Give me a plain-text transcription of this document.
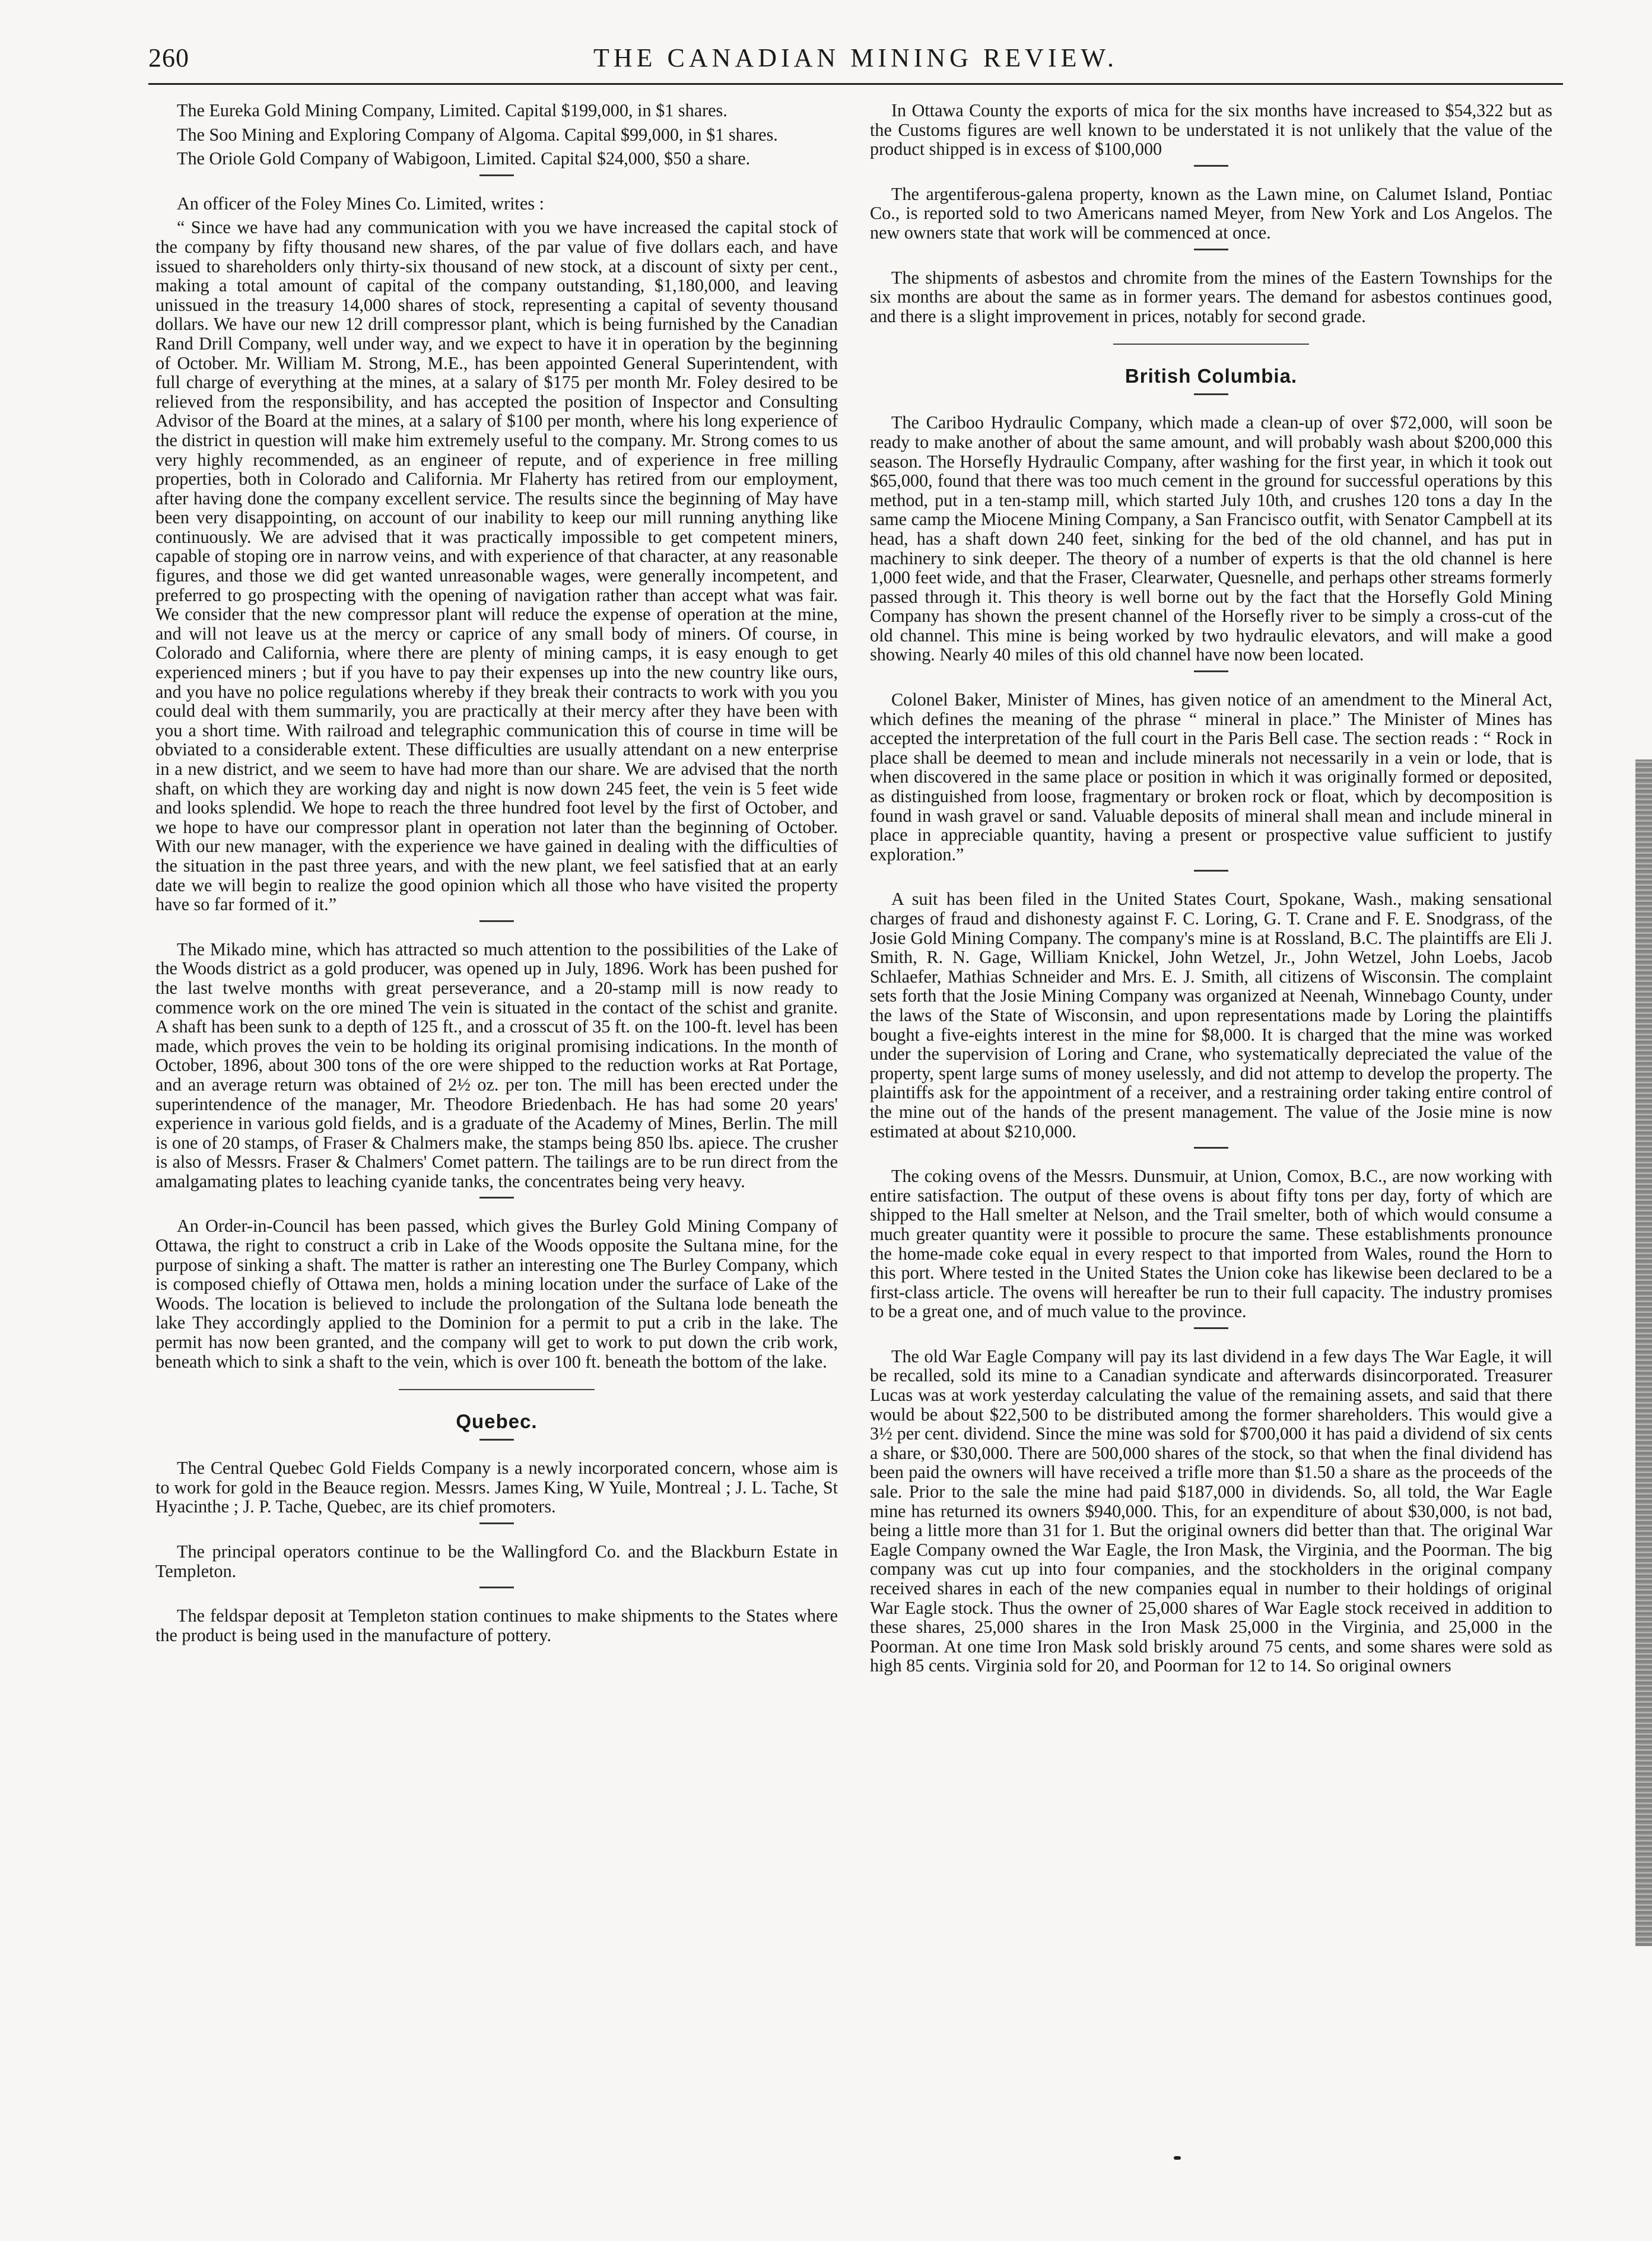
260	THE CANADIAN MINING REVIEW.

The Eureka Gold Mining Company, Limited. Capital $199,000, in $1 shares.

The Soo Mining and Exploring Company of Algoma. Capital $99,000, in $1 shares.

The Oriole Gold Company of Wabigoon, Limited. Capital $24,000, $50 a share.

An officer of the Foley Mines Co. Limited, writes :

“ Since we have had any communication with you we have increased the capital stock of the company by fifty thousand new shares, of the par value of five dollars each, and have issued to shareholders only thirty-six thousand of new stock, at a discount of sixty per cent., making a total amount of capital of the company outstanding, $1,180,000, and leaving unissued in the treasury 14,000 shares of stock, representing a capital of seventy thousand dollars. We have our new 12 drill compressor plant, which is being furnished by the Canadian Rand Drill Company, well under way, and we expect to have it in operation by the beginning of October. Mr. William M. Strong, M.E., has been appointed General Superintendent, with full charge of everything at the mines, at a salary of $175 per month Mr. Foley desired to be relieved from the responsibility, and has accepted the position of Inspector and Consulting Advisor of the Board at the mines, at a salary of $100 per month, where his long experience of the district in question will make him extremely useful to the company. Mr. Strong comes to us very highly recommended, as an engineer of repute, and of experience in free milling properties, both in Colorado and California. Mr Flaherty has retired from our employment, after having done the company excellent service. The results since the beginning of May have been very disappointing, on account of our inability to keep our mill running anything like continuously. We are advised that it was practically impossible to get competent miners, capable of stoping ore in narrow veins, and with experience of that character, at any reasonable figures, and those we did get wanted unreasonable wages, were generally incompetent, and preferred to go prospecting with the opening of navigation rather than accept what was fair. We consider that the new compressor plant will reduce the expense of operation at the mine, and will not leave us at the mercy or caprice of any small body of miners. Of course, in Colorado and California, where there are plenty of mining camps, it is easy enough to get experienced miners ; but if you have to pay their expenses up into the new country like ours, and you have no police regulations whereby if they break their contracts to work with you you could deal with them summarily, you are practically at their mercy after they have been with you a short time. With railroad and telegraphic communication this of course in time will be obviated to a considerable extent. These difficulties are usually attendant on a new enterprise in a new district, and we seem to have had more than our share. We are advised that the north shaft, on which they are working day and night is now down 245 feet, the vein is 5 feet wide and looks splendid. We hope to reach the three hundred foot level by the first of October, and we hope to have our compressor plant in operation not later than the beginning of October. With our new manager, with the experience we have gained in dealing with the difficulties of the situation in the past three years, and with the new plant, we feel satisfied that at an early date we will begin to realize the good opinion which all those who have visited the property have so far formed of it.”

The Mikado mine, which has attracted so much attention to the possibilities of the Lake of the Woods district as a gold producer, was opened up in July, 1896. Work has been pushed for the last twelve months with great perseverance, and a 20-stamp mill is now ready to commence work on the ore mined The vein is situated in the contact of the schist and granite. A shaft has been sunk to a depth of 125 ft., and a crosscut of 35 ft. on the 100-ft. level has been made, which proves the vein to be holding its original promising indications. In the month of October, 1896, about 300 tons of the ore were shipped to the reduction works at Rat Portage, and an average return was obtained of 2½ oz. per ton. The mill has been erected under the superintendence of the manager, Mr. Theodore Briedenbach. He has had some 20 years' experience in various gold fields, and is a graduate of the Academy of Mines, Berlin. The mill is one of 20 stamps, of Fraser & Chalmers make, the stamps being 850 lbs. apiece. The crusher is also of Messrs. Fraser & Chalmers' Comet pattern. The tailings are to be run direct from the amalgamating plates to leaching cyanide tanks, the concentrates being very heavy.

An Order-in-Council has been passed, which gives the Burley Gold Mining Company of Ottawa, the right to construct a crib in Lake of the Woods opposite the Sultana mine, for the purpose of sinking a shaft. The matter is rather an interesting one The Burley Company, which is composed chiefly of Ottawa men, holds a mining location under the surface of Lake of the Woods. The location is believed to include the prolongation of the Sultana lode beneath the lake They accordingly applied to the Dominion for a permit to put a crib in the lake. The permit has now been granted, and the company will get to work to put down the crib work, beneath which to sink a shaft to the vein, which is over 100 ft. beneath the bottom of the lake.

Quebec.

The Central Quebec Gold Fields Company is a newly incorporated concern, whose aim is to work for gold in the Beauce region. Messrs. James King, W Yuile, Montreal ; J. L. Tache, St Hyacinthe ; J. P. Tache, Quebec, are its chief promoters.

The principal operators continue to be the Wallingford Co. and the Blackburn Estate in Templeton.

The feldspar deposit at Templeton station continues to make shipments to the States where the product is being used in the manufacture of pottery.

In Ottawa County the exports of mica for the six months have increased to $54,322 but as the Customs figures are well known to be understated it is not unlikely that the value of the product shipped is in excess of $100,000

The argentiferous-galena property, known as the Lawn mine, on Calumet Island, Pontiac Co., is reported sold to two Americans named Meyer, from New York and Los Angelos. The new owners state that work will be commenced at once.

The shipments of asbestos and chromite from the mines of the Eastern Townships for the six months are about the same as in former years. The demand for asbestos continues good, and there is a slight improvement in prices, notably for second grade.

British Columbia.

The Cariboo Hydraulic Company, which made a clean-up of over $72,000, will soon be ready to make another of about the same amount, and will probably wash about $200,000 this season. The Horsefly Hydraulic Company, after washing for the first year, in which it took out $65,000, found that there was too much cement in the ground for successful operations by this method, put in a ten-stamp mill, which started July 10th, and crushes 120 tons a day In the same camp the Miocene Mining Company, a San Francisco outfit, with Senator Campbell at its head, has a shaft down 240 feet, sinking for the bed of the old channel, and has put in machinery to sink deeper. The theory of a number of experts is that the old channel is here 1,000 feet wide, and that the Fraser, Clearwater, Quesnelle, and perhaps other streams formerly passed through it. This theory is well borne out by the fact that the Horsefly Gold Mining Company has shown the present channel of the Horsefly river to be simply a cross-cut of the old channel. This mine is being worked by two hydraulic elevators, and will make a good showing. Nearly 40 miles of this old channel have now been located.

Colonel Baker, Minister of Mines, has given notice of an amendment to the Mineral Act, which defines the meaning of the phrase “ mineral in place.” The Minister of Mines has accepted the interpretation of the full court in the Paris Bell case. The section reads : “ Rock in place shall be deemed to mean and include minerals not necessarily in a vein or lode, that is when discovered in the same place or position in which it was originally formed or deposited, as distinguished from loose, fragmentary or broken rock or float, which by decomposition is found in wash gravel or sand. Valuable deposits of mineral shall mean and include mineral in place in appreciable quantity, having a present or prospective value sufficient to justify exploration.”

A suit has been filed in the United States Court, Spokane, Wash., making sensational charges of fraud and dishonesty against F. C. Loring, G. T. Crane and F. E. Snodgrass, of the Josie Gold Mining Company. The company's mine is at Rossland, B.C. The plaintiffs are Eli J. Smith, R. N. Gage, William Knickel, John Wetzel, Jr., John Wetzel, John Loebs, Jacob Schlaefer, Mathias Schneider and Mrs. E. J. Smith, all citizens of Wisconsin. The complaint sets forth that the Josie Mining Company was organized at Neenah, Winnebago County, under the laws of the State of Wisconsin, and upon representations made by Loring the plaintiffs bought a five-eights interest in the mine for $8,000. It is charged that the mine was worked under the supervision of Loring and Crane, who systematically depreciated the value of the property, spent large sums of money uselessly, and did not attemp to develop the property. The plaintiffs ask for the appointment of a receiver, and a restraining order taking entire control of the mine out of the hands of the present management. The value of the Josie mine is now estimated at about $210,000.

The coking ovens of the Messrs. Dunsmuir, at Union, Comox, B.C., are now working with entire satisfaction. The output of these ovens is about fifty tons per day, forty of which are shipped to the Hall smelter at Nelson, and the Trail smelter, both of which would consume a much greater quantity were it possible to procure the same. These establishments pronounce the home-made coke equal in every respect to that imported from Wales, round the Horn to this port. Where tested in the United States the Union coke has likewise been declared to be a first-class article. The ovens will hereafter be run to their full capacity. The industry promises to be a great one, and of much value to the province.

The old War Eagle Company will pay its last dividend in a few days The War Eagle, it will be recalled, sold its mine to a Canadian syndicate and afterwards disincorporated. Treasurer Lucas was at work yesterday calculating the value of the remaining assets, and said that there would be about $22,500 to be distributed among the former shareholders. This would give a 3½ per cent. dividend. Since the mine was sold for $700,000 it has paid a dividend of six cents a share, or $30,000. There are 500,000 shares of the stock, so that when the final dividend has been paid the owners will have received a trifle more than $1.50 a share as the proceeds of the sale. Prior to the sale the mine had paid $187,000 in dividends. So, all told, the War Eagle mine has returned its owners $940,000. This, for an expenditure of about $30,000, is not bad, being a little more than 31 for 1. But the original owners did better than that. The original War Eagle Company owned the War Eagle, the Iron Mask, the Virginia, and the Poorman. The big company was cut up into four companies, and the stockholders in the original company received shares in each of the new companies equal in number to their holdings of original War Eagle stock. Thus the owner of 25,000 shares of War Eagle stock received in addition to these shares, 25,000 shares in the Iron Mask 25,000 in the Virginia, and 25,000 in the Poorman. At one time Iron Mask sold briskly around 75 cents, and some shares were sold as high 85 cents. Virginia sold for 20, and Poorman for 12 to 14. So original owners
